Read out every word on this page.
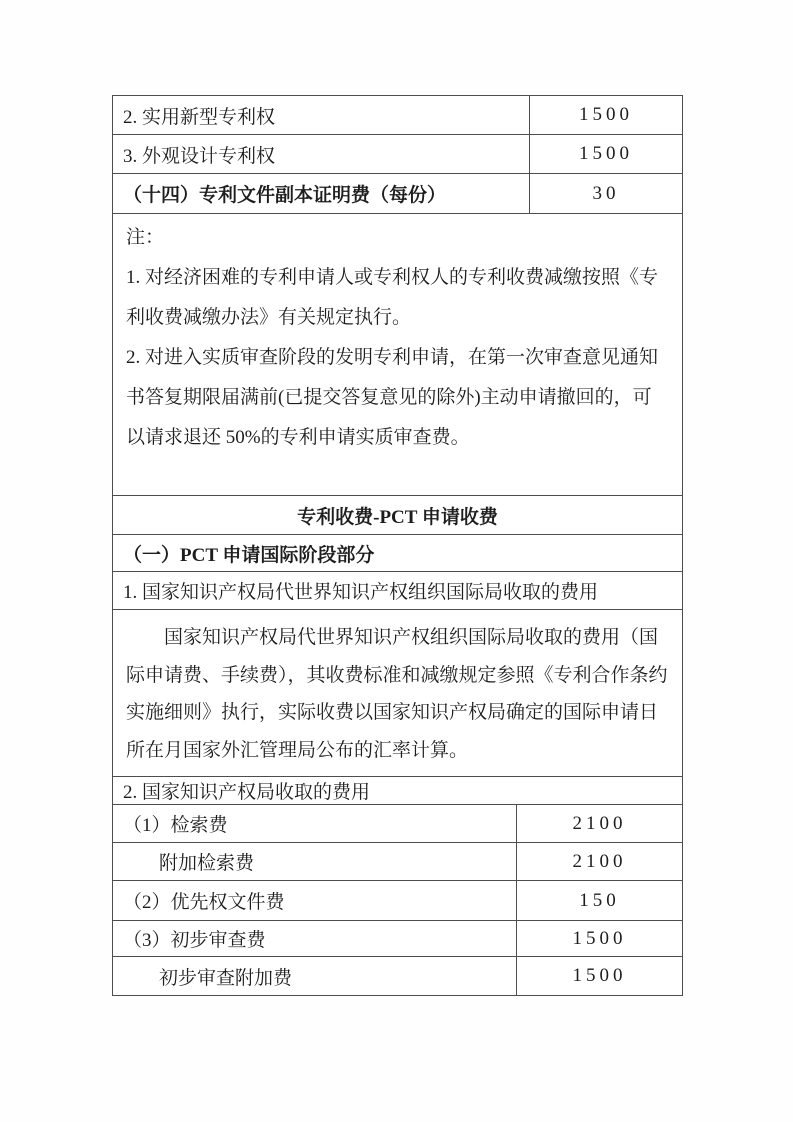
2. 实用新型专利权	1500
3. 外观设计专利权	1500
（十四）专利文件副本证明费（每份）	30

注：

1. 对经济困难的专利申请人或专利权人的专利收费减缴按照《专利收费减缴办法》有关规定执行。

2. 对进入实质审查阶段的发明专利申请，在第一次审查意见通知书答复期限届满前(已提交答复意见的除外)主动申请撤回的，可以请求退还 50%的专利申请实质审查费。

专利收费-PCT 申请收费
（一）PCT 申请国际阶段部分
1. 国家知识产权局代世界知识产权组织国际局收取的费用

国家知识产权局代世界知识产权组织国际局收取的费用（国际申请费、手续费），其收费标准和减缴规定参照《专利合作条约实施细则》执行，实际收费以国家知识产权局确定的国际申请日所在月国家外汇管理局公布的汇率计算。

2. 国家知识产权局收取的费用
（1）检索费	2100
附加检索费	2100
（2）优先权文件费	150
（3）初步审查费	1500
初步审查附加费	1500
